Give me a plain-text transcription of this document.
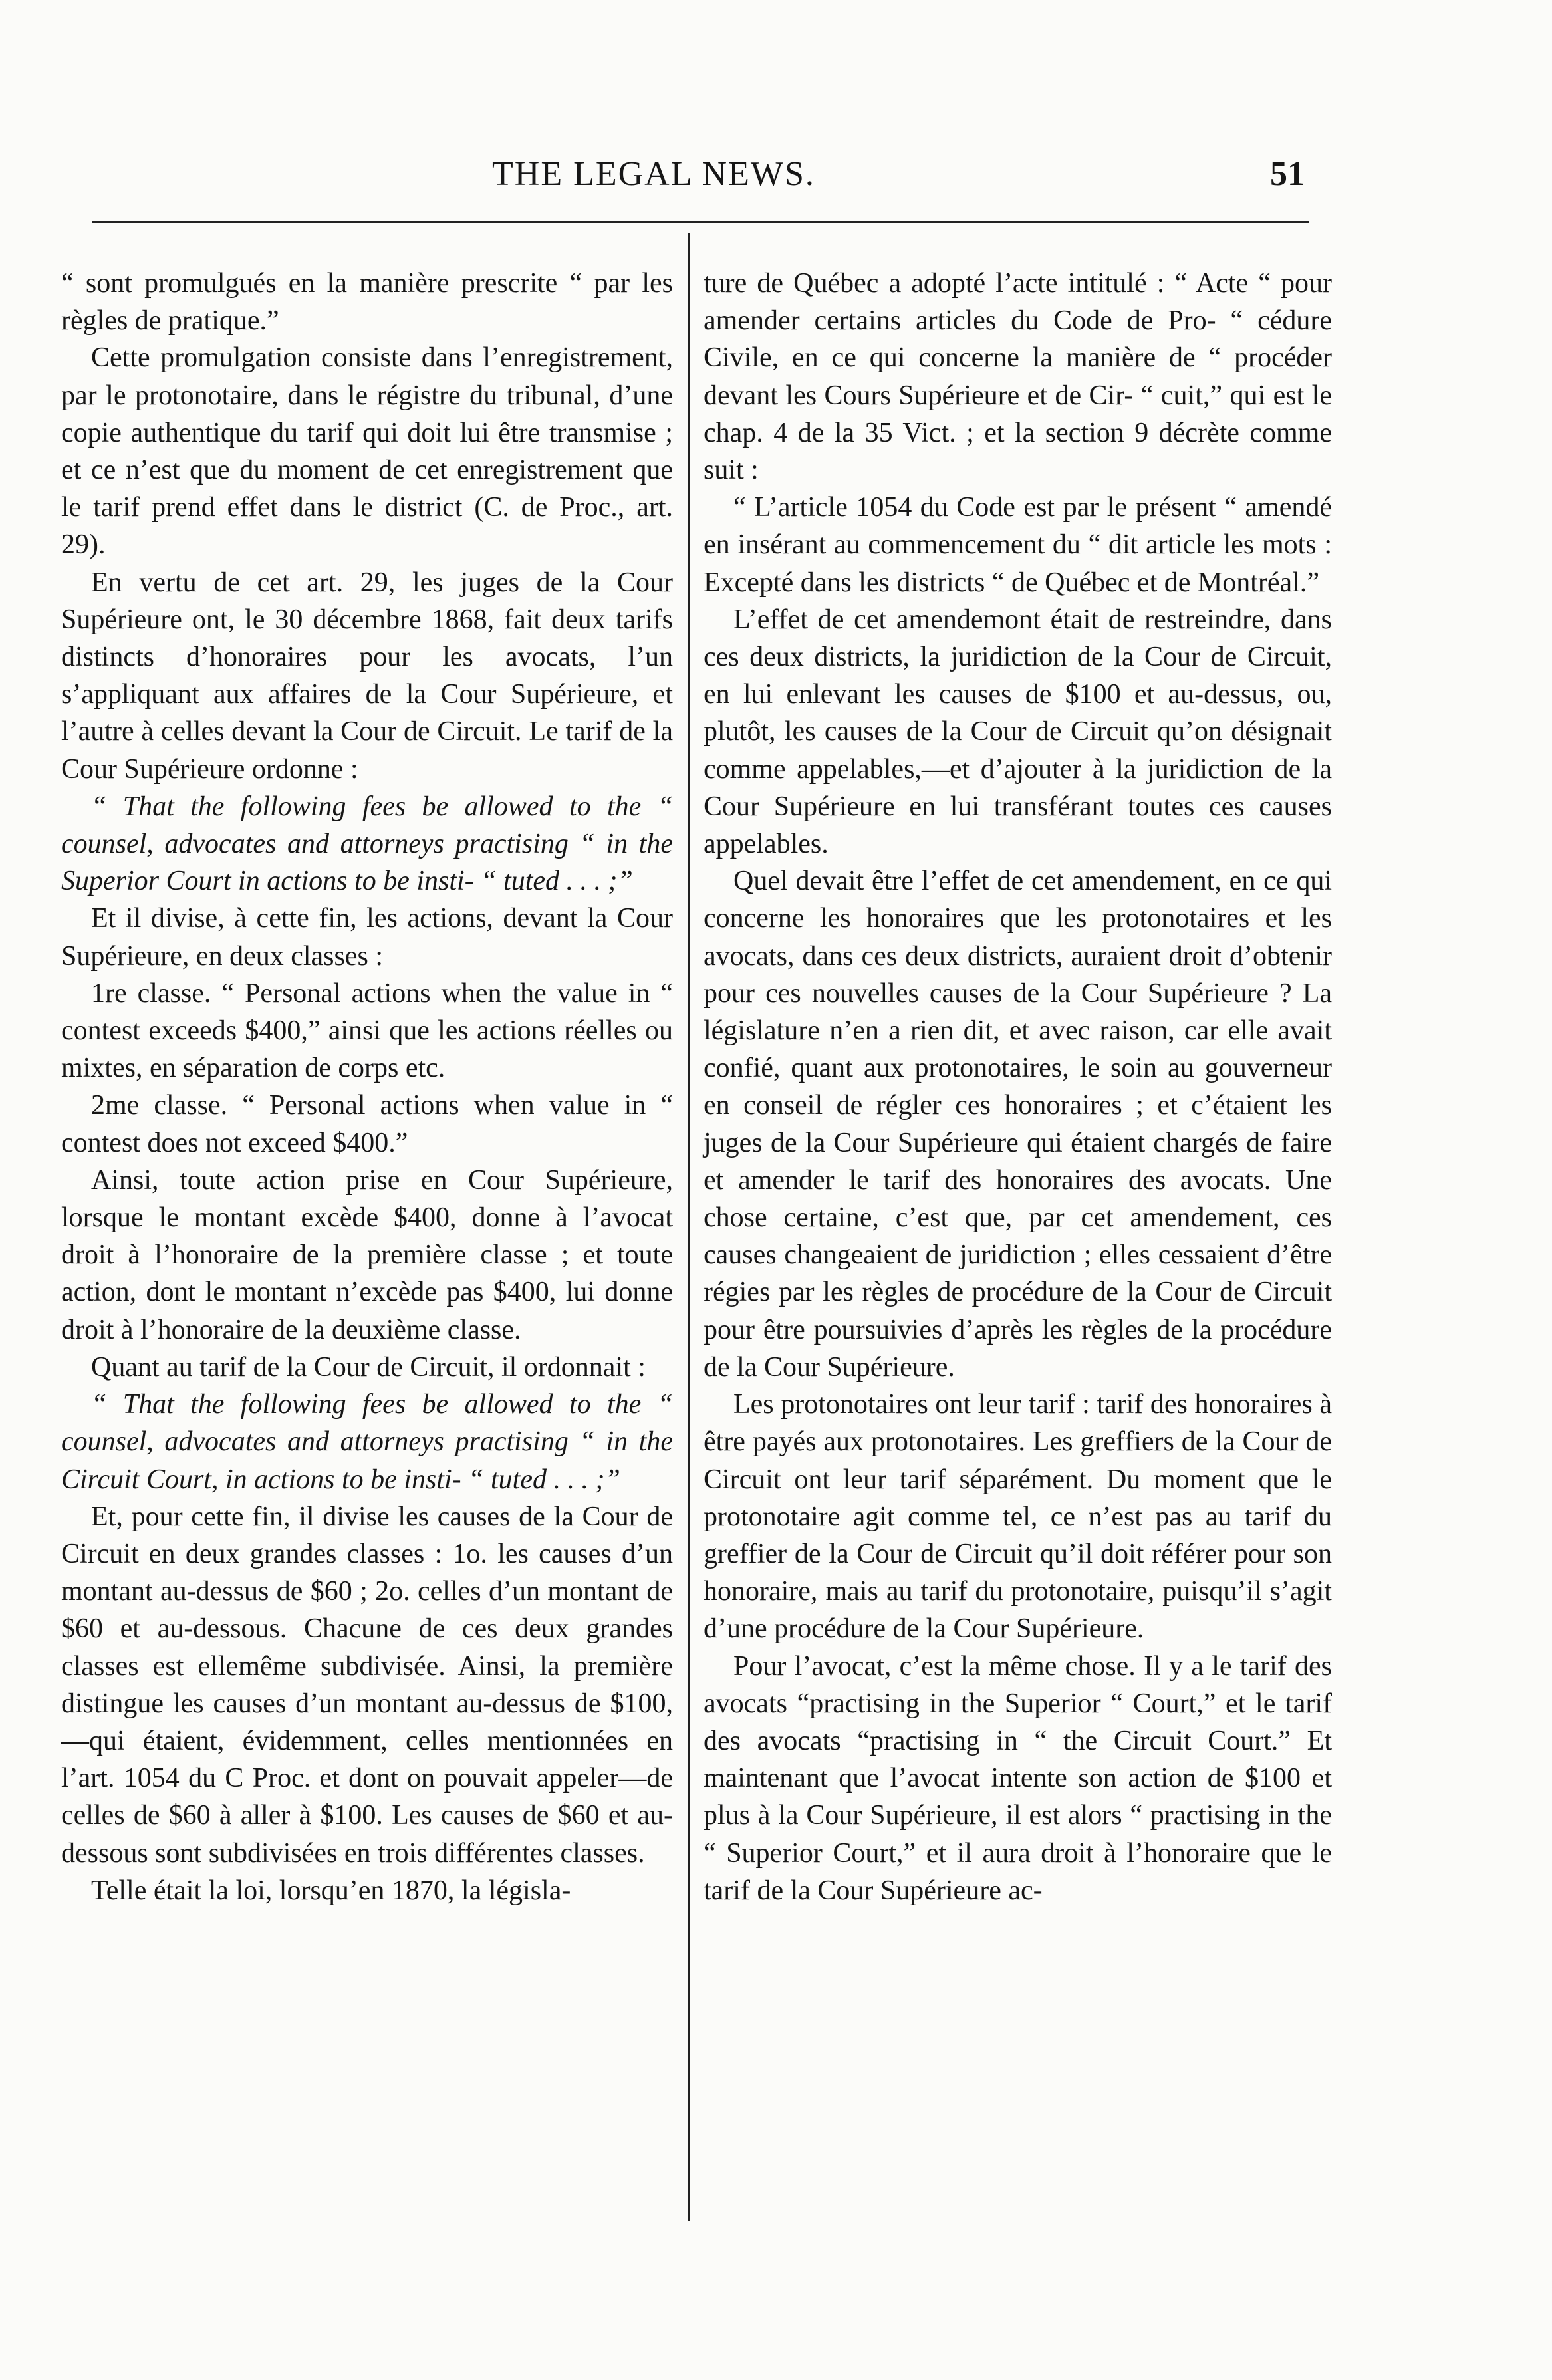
THE LEGAL NEWS.	51

“ sont promulgués en la manière prescrite “ par les règles de pratique.”

Cette promulgation consiste dans l’enregistrement, par le protonotaire, dans le régistre du tribunal, d’une copie authentique du tarif qui doit lui être transmise ; et ce n’est que du moment de cet enregistrement que le tarif prend effet dans le district (C. de Proc., art. 29).

En vertu de cet art. 29, les juges de la Cour Supérieure ont, le 30 décembre 1868, fait deux tarifs distincts d’honoraires pour les avocats, l’un s’appliquant aux affaires de la Cour Supérieure, et l’autre à celles devant la Cour de Circuit. Le tarif de la Cour Supérieure ordonne :

“ That the following fees be allowed to the “ counsel, advocates and attorneys practising “ in the Superior Court in actions to be insti- “ tuted . . . ;”

Et il divise, à cette fin, les actions, devant la Cour Supérieure, en deux classes :

1re classe. “ Personal actions when the value in “ contest exceeds $400,” ainsi que les actions réelles ou mixtes, en séparation de corps etc.

2me classe. “ Personal actions when value in “ contest does not exceed $400.”

Ainsi, toute action prise en Cour Supérieure, lorsque le montant excède $400, donne à l’avocat droit à l’honoraire de la première classe ; et toute action, dont le montant n’excède pas $400, lui donne droit à l’honoraire de la deuxième classe.

Quant au tarif de la Cour de Circuit, il ordonnait :

“ That the following fees be allowed to the “ counsel, advocates and attorneys practising “ in the Circuit Court, in actions to be insti- “ tuted . . . ;”

Et, pour cette fin, il divise les causes de la Cour de Circuit en deux grandes classes : 1o. les causes d’un montant au-dessus de $60 ; 2o. celles d’un montant de $60 et au-dessous. Chacune de ces deux grandes classes est ellemême subdivisée. Ainsi, la première distingue les causes d’un montant au-dessus de $100,—qui étaient, évidemment, celles mentionnées en l’art. 1054 du C Proc. et dont on pouvait appeler—de celles de $60 à aller à $100. Les causes de $60 et au-dessous sont subdivisées en trois différentes classes.

Telle était la loi, lorsqu’en 1870, la législa-

ture de Québec a adopté l’acte intitulé : “ Acte “ pour amender certains articles du Code de Pro- “ cédure Civile, en ce qui concerne la manière de “ procéder devant les Cours Supérieure et de Cir- “ cuit,” qui est le chap. 4 de la 35 Vict. ; et la section 9 décrète comme suit :

“ L’article 1054 du Code est par le présent “ amendé en insérant au commencement du “ dit article les mots : Excepté dans les districts “ de Québec et de Montréal.”

L’effet de cet amendemont était de restreindre, dans ces deux districts, la juridiction de la Cour de Circuit, en lui enlevant les causes de $100 et au-dessus, ou, plutôt, les causes de la Cour de Circuit qu’on désignait comme appelables,—et d’ajouter à la juridiction de la Cour Supérieure en lui transférant toutes ces causes appelables.

Quel devait être l’effet de cet amendement, en ce qui concerne les honoraires que les protonotaires et les avocats, dans ces deux districts, auraient droit d’obtenir pour ces nouvelles causes de la Cour Supérieure ? La législature n’en a rien dit, et avec raison, car elle avait confié, quant aux protonotaires, le soin au gouverneur en conseil de régler ces honoraires ; et c’étaient les juges de la Cour Supérieure qui étaient chargés de faire et amender le tarif des honoraires des avocats. Une chose certaine, c’est que, par cet amendement, ces causes changeaient de juridiction ; elles cessaient d’être régies par les règles de procédure de la Cour de Circuit pour être poursuivies d’après les règles de la procédure de la Cour Supérieure.

Les protonotaires ont leur tarif : tarif des honoraires à être payés aux protonotaires. Les greffiers de la Cour de Circuit ont leur tarif séparément. Du moment que le protonotaire agit comme tel, ce n’est pas au tarif du greffier de la Cour de Circuit qu’il doit référer pour son honoraire, mais au tarif du protonotaire, puisqu’il s’agit d’une procédure de la Cour Supérieure.

Pour l’avocat, c’est la même chose. Il y a le tarif des avocats “practising in the Superior “ Court,” et le tarif des avocats “practising in “ the Circuit Court.” Et maintenant que l’avocat intente son action de $100 et plus à la Cour Supérieure, il est alors “ practising in the “ Superior Court,” et il aura droit à l’honoraire que le tarif de la Cour Supérieure ac-
